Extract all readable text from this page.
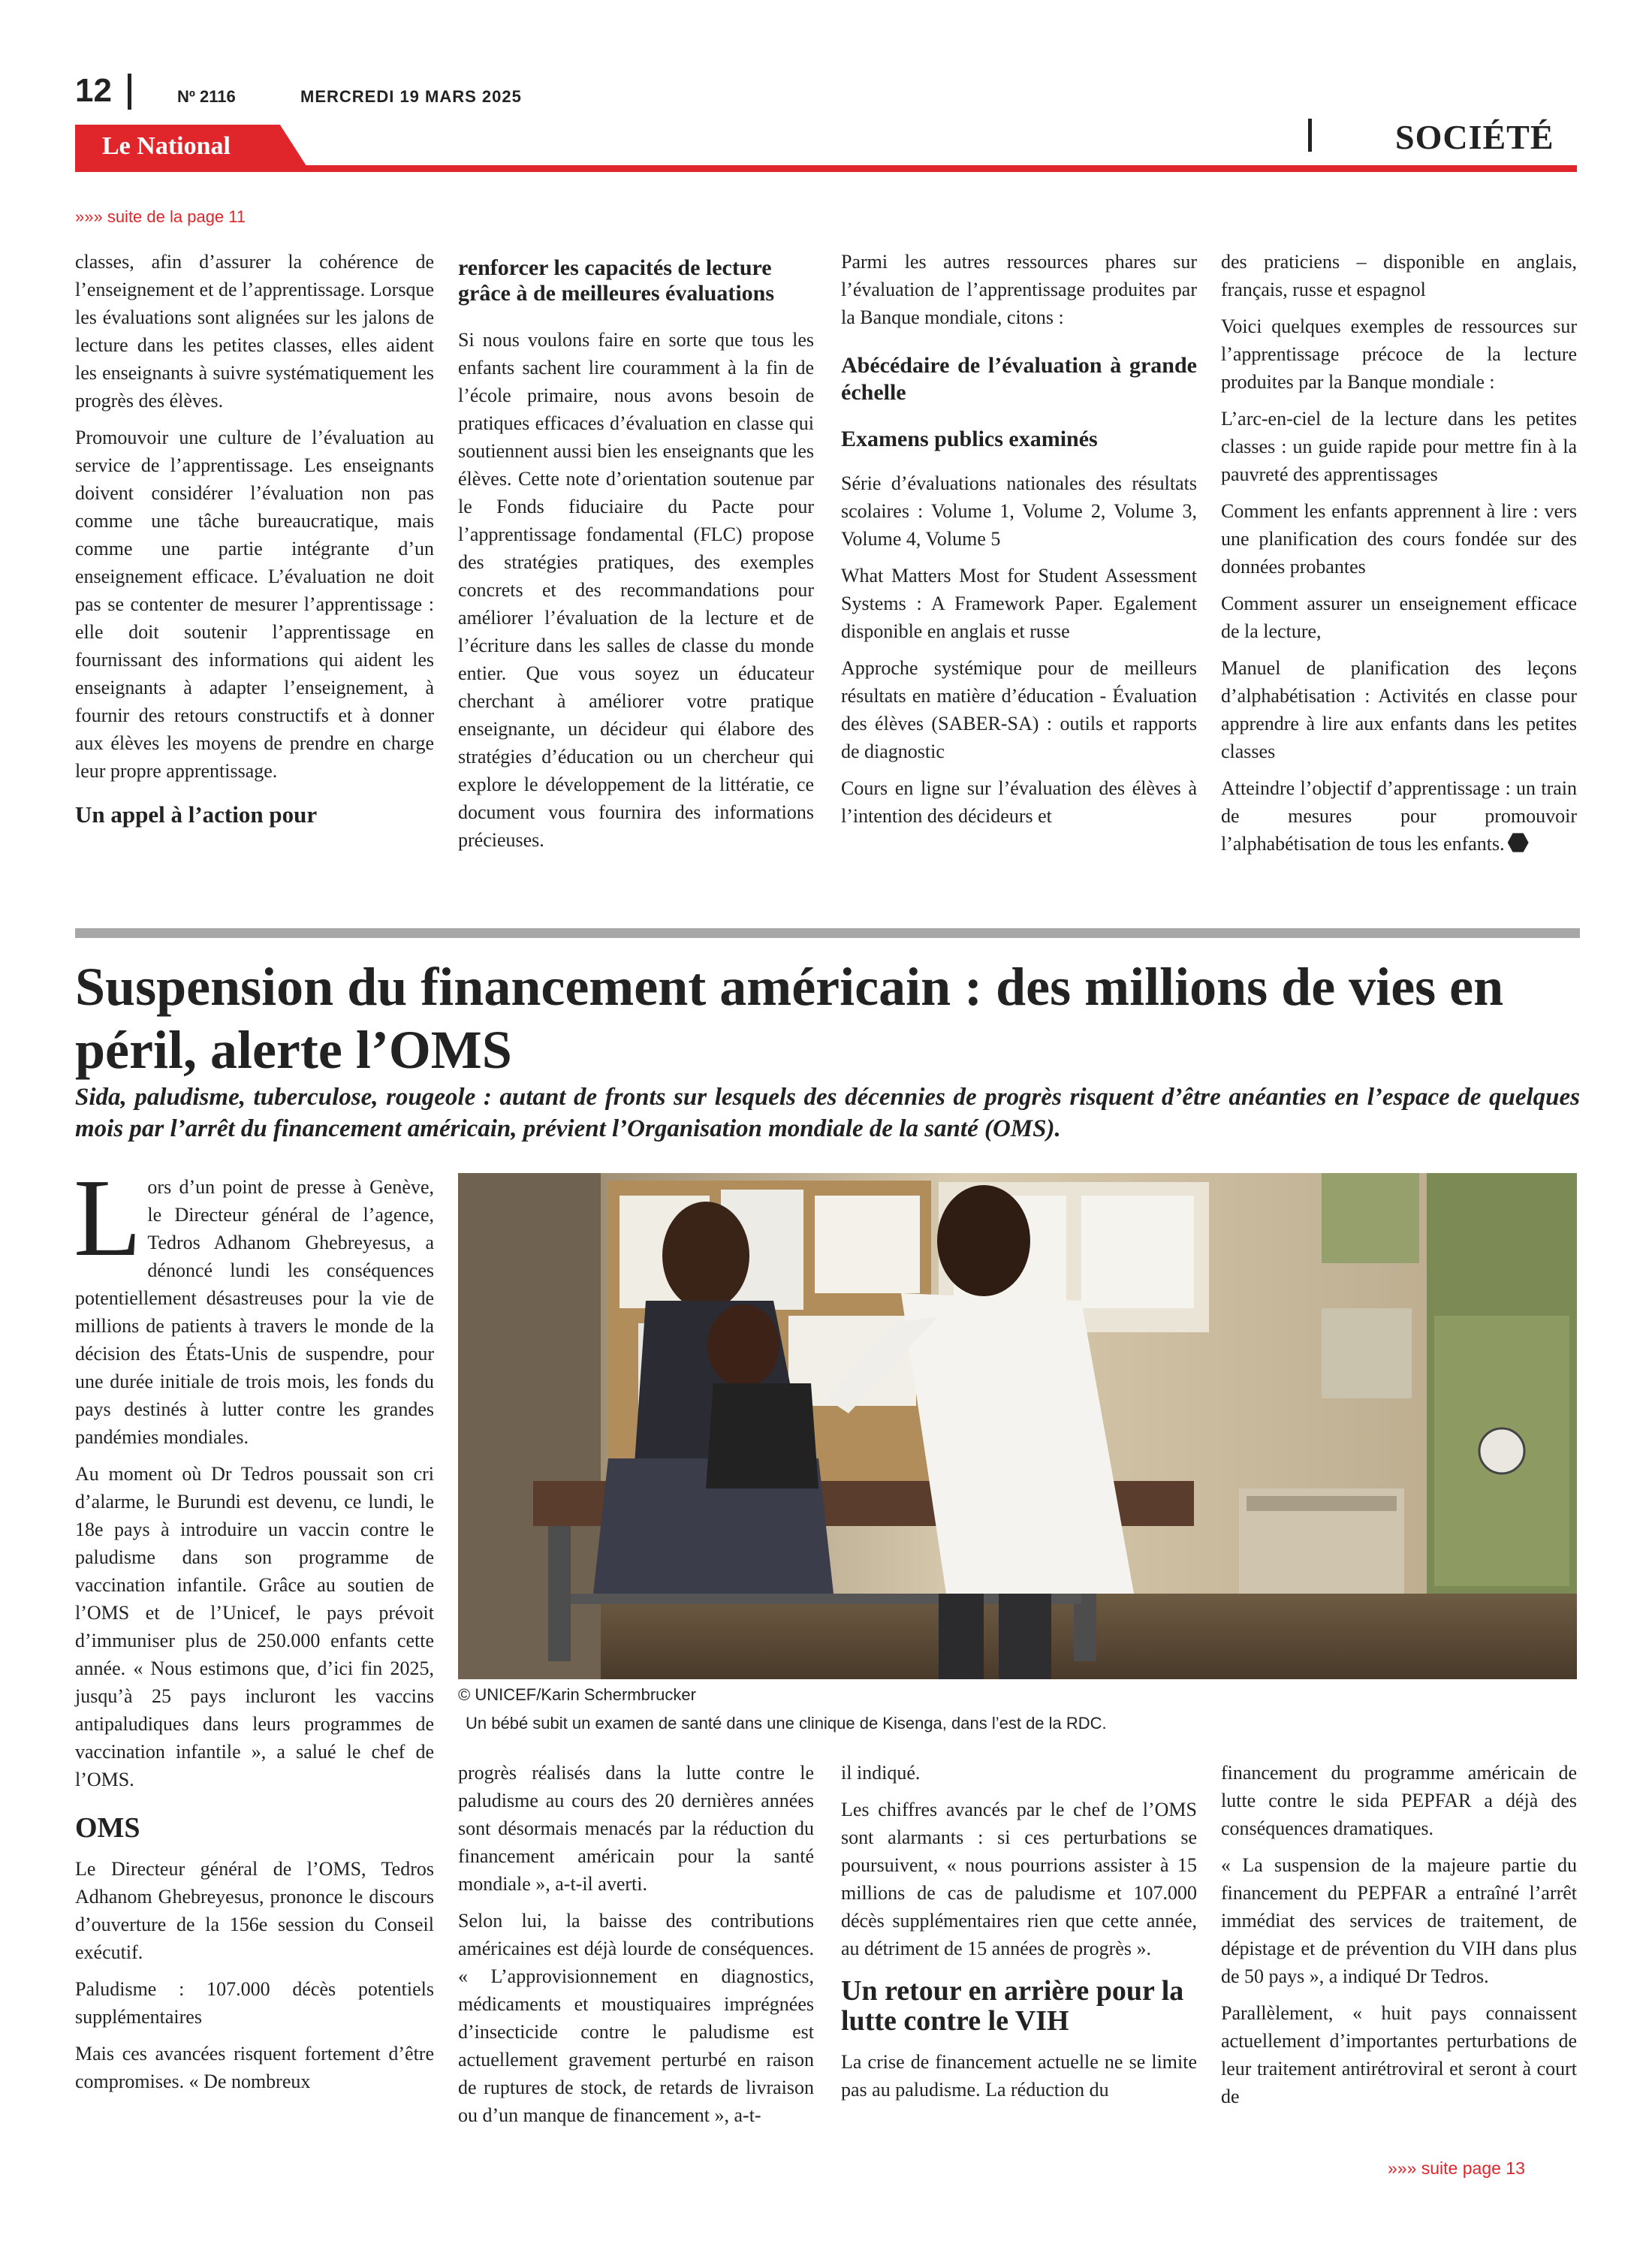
12	Nº 2116	MERCREDI 19 MARS 2025
Le National	SOCIÉTÉ
»»» suite de la page 11

classes, afin d’assurer la cohérence de l’enseignement et de l’apprentissage. Lorsque les évaluations sont alignées sur les jalons de lecture dans les petites classes, elles aident les enseignants à suivre systématiquement les progrès des élèves.

Promouvoir une culture de l’évaluation au service de l’apprentissage. Les enseignants doivent considérer l’évaluation non pas comme une tâche bureaucratique, mais comme une partie intégrante d’un enseignement efficace. L’évaluation ne doit pas se contenter de mesurer l’apprentissage : elle doit soutenir l’apprentissage en fournissant des informations qui aident les enseignants à adapter l’enseignement, à fournir des retours constructifs et à donner aux élèves les moyens de prendre en charge leur propre apprentissage.

Un appel à l’action pour
renforcer les capacités de lecture grâce à de meilleures évaluations

Si nous voulons faire en sorte que tous les enfants sachent lire couramment à la fin de l’école primaire, nous avons besoin de pratiques efficaces d’évaluation en classe qui soutiennent aussi bien les enseignants que les élèves. Cette note d’orientation soutenue par le Fonds fiduciaire du Pacte pour l’apprentissage fondamental (FLC) propose des stratégies pratiques, des exemples concrets et des recommandations pour améliorer l’évaluation de la lecture et de l’écriture dans les salles de classe du monde entier. Que vous soyez un éducateur cherchant à améliorer votre pratique enseignante, un décideur qui élabore des stratégies d’éducation ou un chercheur qui explore le développement de la littératie, ce document vous fournira des informations précieuses.

Parmi les autres ressources phares sur l’évaluation de l’apprentissage produites par la Banque mondiale, citons :

Abécédaire de l’évaluation à grande échelle
Examens publics examinés

Série d’évaluations nationales des résultats scolaires : Volume 1, Volume 2, Volume 3, Volume 4, Volume 5

What Matters Most for Student Assessment Systems : A Framework Paper. Egalement disponible en anglais et russe

Approche systémique pour de meilleurs résultats en matière d’éducation - Évaluation des élèves (SABER-SA) : outils et rapports de diagnostic

Cours en ligne sur l’évaluation des élèves à l’intention des décideurs et

des praticiens – disponible en anglais, français, russe et espagnol

Voici quelques exemples de ressources sur l’apprentissage précoce de la lecture produites par la Banque mondiale :

L’arc-en-ciel de la lecture dans les petites classes : un guide rapide pour mettre fin à la pauvreté des apprentissages

Comment les enfants apprennent à lire : vers une planification des cours fondée sur des données probantes

Comment assurer un enseignement efficace de la lecture,

Manuel de planification des leçons d’alphabétisation : Activités en classe pour apprendre à lire aux enfants dans les petites classes

Atteindre l’objectif d’apprentissage : un train de mesures pour promouvoir l’alphabétisation de tous les enfants.

Suspension du financement américain : des millions de vies en péril, alerte l’OMS

Sida, paludisme, tuberculose, rougeole : autant de fronts sur lesquels des décennies de progrès risquent d’être anéanties en l’espace de quelques mois par l’arrêt du financement américain, prévient l’Organisation mondiale de la santé (OMS).

Lors d’un point de presse à Genève, le Directeur général de l’agence, Tedros Adhanom Ghebreyesus, a dénoncé lundi les conséquences potentiellement désastreuses pour la vie de millions de patients à travers le monde de la décision des États-Unis de suspendre, pour une durée initiale de trois mois, les fonds du pays destinés à lutter contre les grandes pandémies mondiales.

Au moment où Dr Tedros poussait son cri d’alarme, le Burundi est devenu, ce lundi, le 18e pays à introduire un vaccin contre le paludisme dans son programme de vaccination infantile. Grâce au soutien de l’OMS et de l’Unicef, le pays prévoit d’immuniser plus de 250.000 enfants cette année. « Nous estimons que, d’ici fin 2025, jusqu’à 25 pays incluront les vaccins antipaludiques dans leurs programmes de vaccination infantile », a salué le chef de l’OMS.

OMS

Le Directeur général de l’OMS, Tedros Adhanom Ghebreyesus, prononce le discours d’ouverture de la 156e session du Conseil exécutif.

Paludisme : 107.000 décès potentiels supplémentaires

Mais ces avancées risquent fortement d’être compromises. « De nombreux

© UNICEF/Karin Schermbrucker
Un bébé subit un examen de santé dans une clinique de Kisenga, dans l’est de la RDC.

progrès réalisés dans la lutte contre le paludisme au cours des 20 dernières années sont désormais menacés par la réduction du financement américain pour la santé mondiale », a-t-il averti.

Selon lui, la baisse des contributions américaines est déjà lourde de conséquences. « L’approvisionnement en diagnostics, médicaments et moustiquaires imprégnées d’insecticide contre le paludisme est actuellement gravement perturbé en raison de ruptures de stock, de retards de livraison ou d’un manque de financement », a-t-

il indiqué.

Les chiffres avancés par le chef de l’OMS sont alarmants : si ces perturbations se poursuivent, « nous pourrions assister à 15 millions de cas de paludisme et 107.000 décès supplémentaires rien que cette année, au détriment de 15 années de progrès ».

Un retour en arrière pour la lutte contre le VIH

La crise de financement actuelle ne se limite pas au paludisme. La réduction du

financement du programme américain de lutte contre le sida PEPFAR a déjà des conséquences dramatiques.

« La suspension de la majeure partie du financement du PEPFAR a entraîné l’arrêt immédiat des services de traitement, de dépistage et de prévention du VIH dans plus de 50 pays », a indiqué Dr Tedros.

Parallèlement, « huit pays connaissent actuellement d’importantes perturbations de leur traitement antirétroviral et seront à court de

»»» suite page 13
